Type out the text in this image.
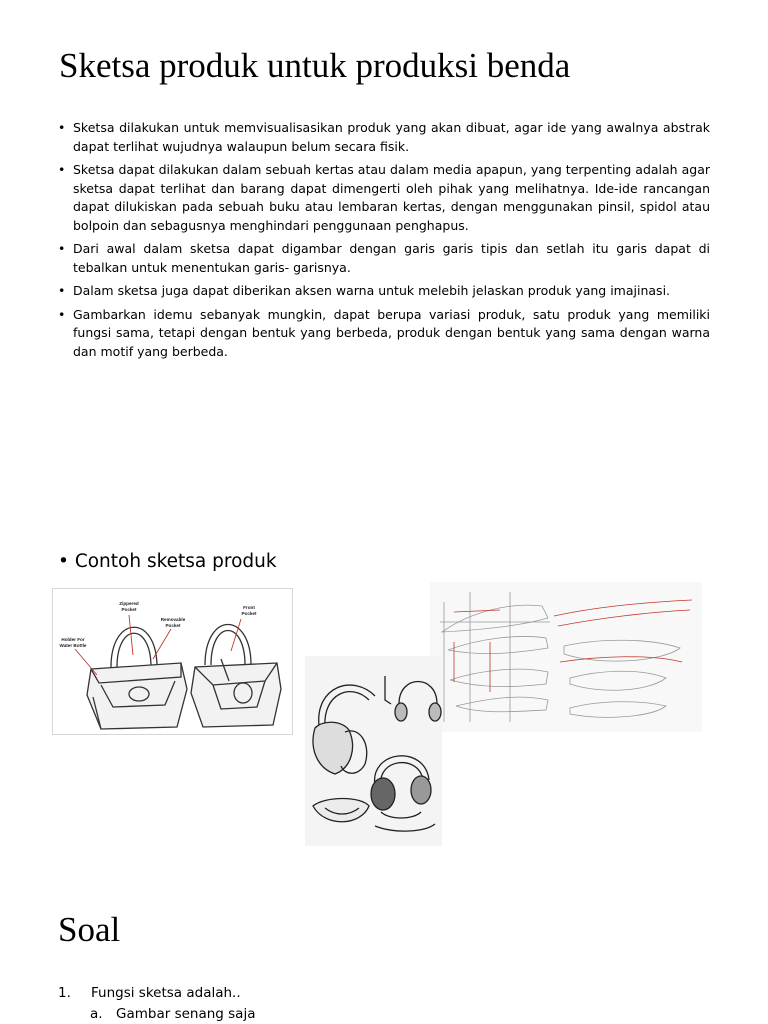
Sketsa produk untuk produksi benda
• Sketsa dilakukan untuk memvisualisasikan produk yang akan dibuat, agar ide yang awalnya abstrak dapat terlihat wujudnya walaupun belum secara fisik.
• Sketsa dapat dilakukan dalam sebuah kertas atau dalam media apapun, yang terpenting adalah agar sketsa dapat terlihat dan barang dapat dimengerti oleh pihak yang melihatnya. Ide-ide rancangan dapat dilukiskan pada sebuah buku atau lembaran kertas, dengan menggunakan pinsil, spidol atau bolpoin dan sebagusnya menghindari penggunaan penghapus.
• Dari awal dalam sketsa dapat digambar dengan garis garis tipis dan setlah itu garis dapat di tebalkan untuk menentukan garis- garisnya.
• Dalam sketsa juga dapat diberikan aksen warna untuk melebih jelaskan produk yang imajinasi.
• Gambarkan idemu sebanyak mungkin, dapat berupa variasi produk, satu produk yang memiliki fungsi sama, tetapi dengan bentuk yang berbeda, produk dengan bentuk yang sama dengan warna dan motif yang berbeda.
• Contoh sketsa produk
Zippered
Pocket
Removable
Pocket
Front
Pocket
Holder For
Water Bottle
Soal
1. Fungsi sketsa adalah..
a. Gambar senang saja
